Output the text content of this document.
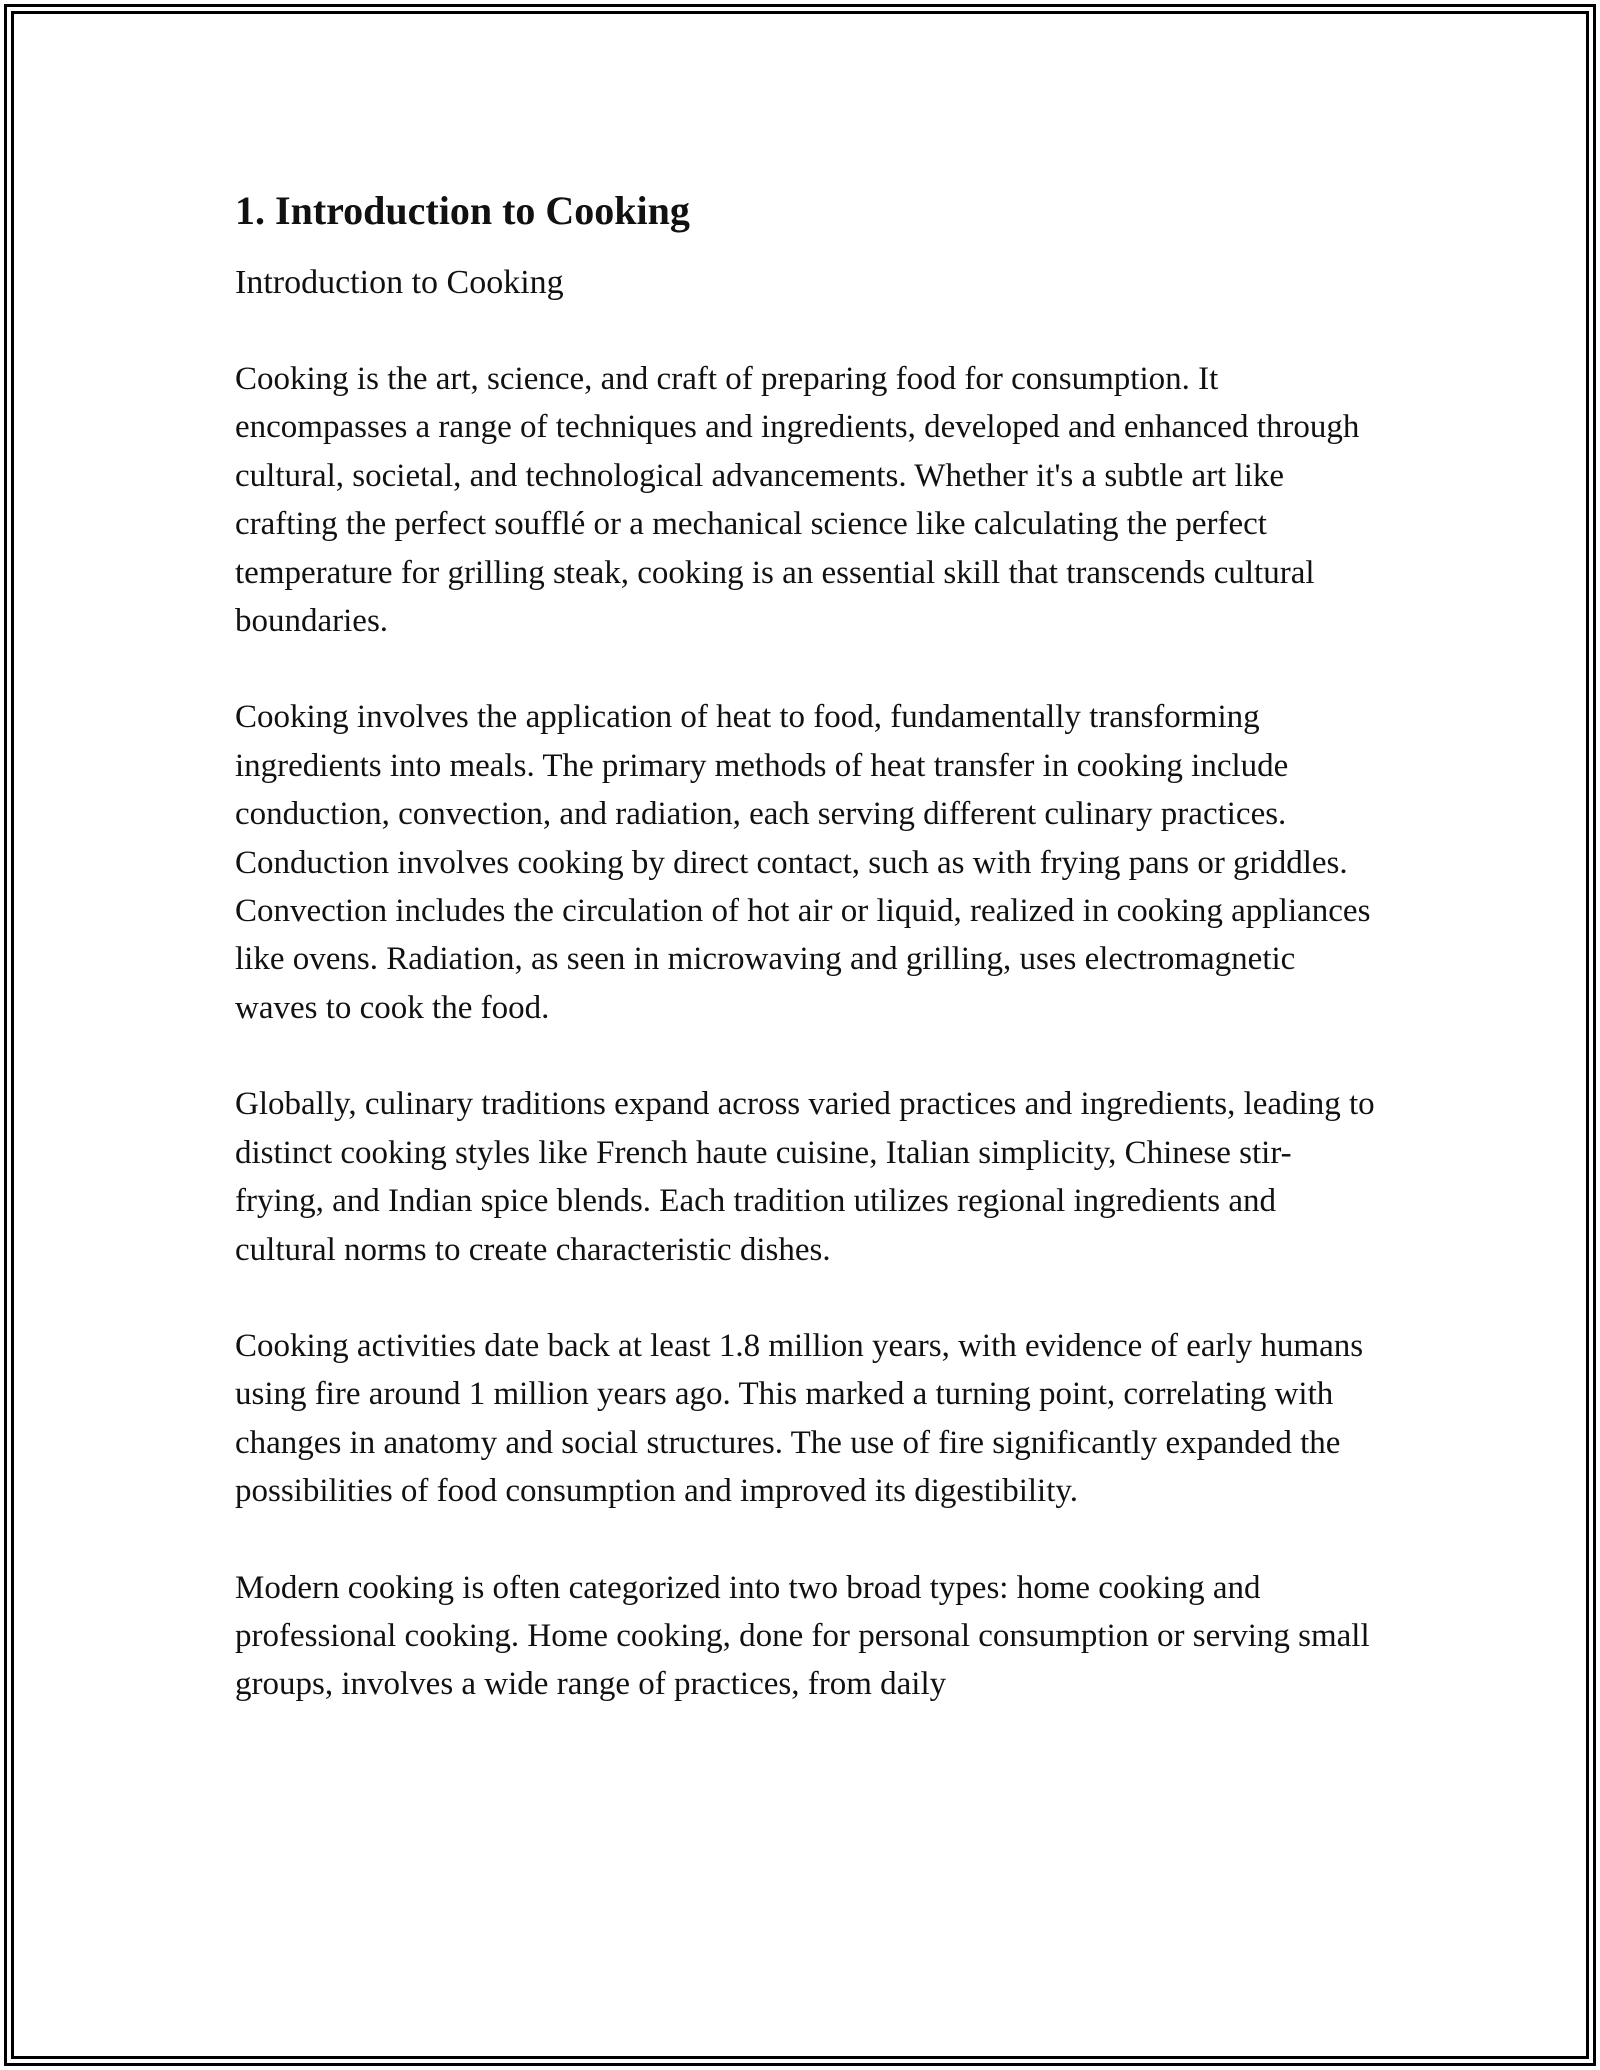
1. Introduction to Cooking
Introduction to Cooking

Cooking is the art, science, and craft of preparing food for consumption. It encompasses a range of techniques and ingredients, developed and enhanced through cultural, societal, and technological advancements. Whether it's a subtle art like crafting the perfect soufflé or a mechanical science like calculating the perfect temperature for grilling steak, cooking is an essential skill that transcends cultural boundaries.

Cooking involves the application of heat to food, fundamentally transforming ingredients into meals. The primary methods of heat transfer in cooking include conduction, convection, and radiation, each serving different culinary practices. Conduction involves cooking by direct contact, such as with frying pans or griddles. Convection includes the circulation of hot air or liquid, realized in cooking appliances like ovens. Radiation, as seen in microwaving and grilling, uses electromagnetic waves to cook the food.

Globally, culinary traditions expand across varied practices and ingredients, leading to distinct cooking styles like French haute cuisine, Italian simplicity, Chinese stir-frying, and Indian spice blends. Each tradition utilizes regional ingredients and cultural norms to create characteristic dishes.

Cooking activities date back at least 1.8 million years, with evidence of early humans using fire around 1 million years ago. This marked a turning point, correlating with changes in anatomy and social structures. The use of fire significantly expanded the possibilities of food consumption and improved its digestibility.

Modern cooking is often categorized into two broad types: home cooking and professional cooking. Home cooking, done for personal consumption or serving small groups, involves a wide range of practices, from daily
